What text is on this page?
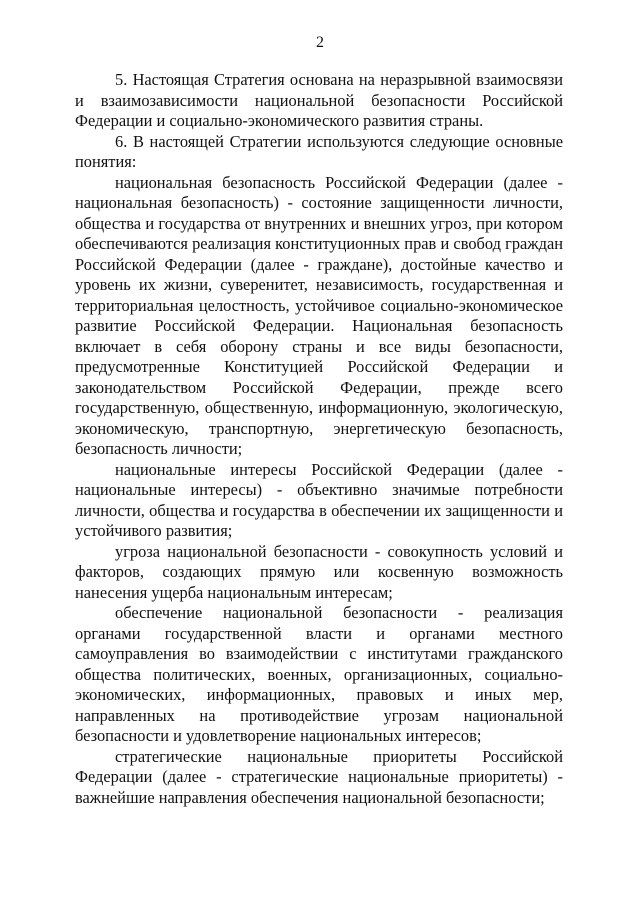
2

5. Настоящая Стратегия основана на неразрывной взаимосвязи и взаимозависимости национальной безопасности Российской Федерации и социально-экономического развития страны.

6. В настоящей Стратегии используются следующие основные понятия:

национальная безопасность Российской Федерации (далее - национальная безопасность) - состояние защищенности личности, общества и государства от внутренних и внешних угроз, при котором обеспечиваются реализация конституционных прав и свобод граждан Российской Федерации (далее - граждане), достойные качество и уровень их жизни, суверенитет, независимость, государственная и территориальная целостность, устойчивое социально-экономическое развитие Российской Федерации. Национальная безопасность включает в себя оборону страны и все виды безопасности, предусмотренные Конституцией Российской Федерации и законодательством Российской Федерации, прежде всего государственную, общественную, информационную, экологическую, экономическую, транспортную, энергетическую безопасность, безопасность личности;

национальные интересы Российской Федерации (далее - национальные интересы) - объективно значимые потребности личности, общества и государства в обеспечении их защищенности и устойчивого развития;

угроза национальной безопасности - совокупность условий и факторов, создающих прямую или косвенную возможность нанесения ущерба национальным интересам;

обеспечение национальной безопасности - реализация органами государственной власти и органами местного самоуправления во взаимодействии с институтами гражданского общества политических, военных, организационных, социально-экономических, информационных, правовых и иных мер, направленных на противодействие угрозам национальной безопасности и удовлетворение национальных интересов;

стратегические национальные приоритеты Российской Федерации (далее - стратегические национальные приоритеты) - важнейшие направления обеспечения национальной безопасности;
